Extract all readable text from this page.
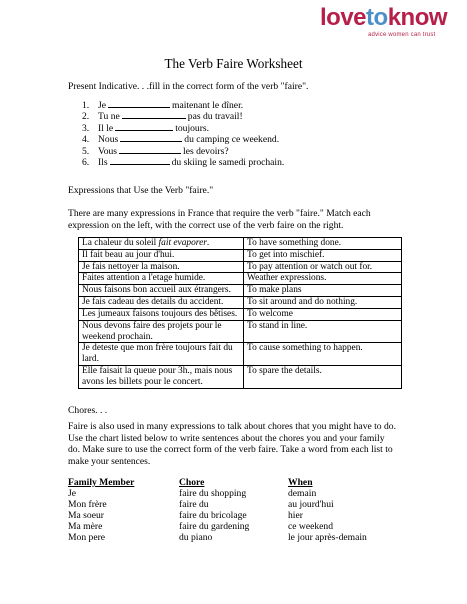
lovetoknow
advice women can trust
The Verb Faire Worksheet
Present Indicative. . .fill in the correct form of the verb "faire".
1. Je	maitenant le dîner.
2. Tu ne	pas du travail!
3. Il le	toujours.
4. Nous	du camping ce weekend.
5. Vous	les devoirs?
6. Ils	du skiing le samedi prochain.
Expressions that Use the Verb "faire."
There are many expressions in France that require the verb "faire." Match each expression on the left, with the correct use of the verb faire on the right.
La chaleur du soleil fait evaporer.	To have something done.
Il fait beau au jour d'hui.	To get into mischief.
Je fais nettoyer la maison.	To pay attention or watch out for.
Faites attention a l'etage humide.	Weather expressions.
Nous faisons bon accueil aux étrangers.	To make plans
Je fais cadeau des details du accident.	To sit around and do nothing.
Les jumeaux faisons toujours des bêtises.	To welcome
Nous devons faire des projets pour le weekend prochain.	To stand in line.
Je deteste que mon frère toujours fait du lard.	To cause something to happen.
Elle faisait la queue pour 3h., mais nous avons les billets pour le concert.	To spare the details.
Chores. . .
Faire is also used in many expressions to talk about chores that you might have to do. Use the chart listed below to write sentences about the chores you and your family do. Make sure to use the correct form of the verb faire. Take a word from each list to make your sentences.
Family Member	Chore	When
Je	faire du shopping	demain
Mon frère	faire du	au jourd'hui
Ma soeur	faire du bricolage	hier
Ma mère	faire du gardening	ce weekend
Mon pere	du piano	le jour après-demain
